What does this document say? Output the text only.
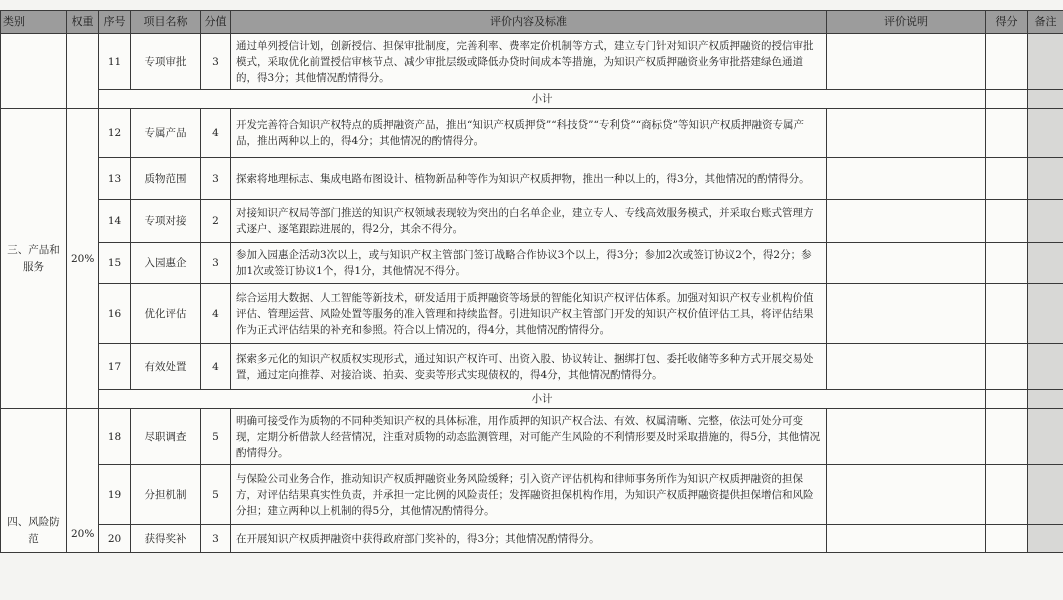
类别	权重	序号	项目名称	分值	评价内容及标准	评价说明	得分	备注
		11	专项审批	3	通过单列授信计划，创新授信、担保审批制度，完善利率、费率定价机制等方式，建立专门针对知识产权质押融资的授信审批模式，采取优化前置授信审核节点、减少审批层级或降低办贷时间成本等措施，为知识产权质押融资业务审批搭建绿色通道的，得3分；其他情况酌情得分。			
		小计						
三、产品和服务	20%	12	专属产品	4	开发完善符合知识产权特点的质押融资产品，推出“知识产权质押贷”“科技贷”“专利贷”“商标贷”等知识产权质押融资专属产品，推出两种以上的，得4分；其他情况的酌情得分。			
		13	质物范围	3	探索将地理标志、集成电路布图设计、植物新品种等作为知识产权质押物，推出一种以上的，得3分，其他情况的酌情得分。			
		14	专项对接	2	对接知识产权局等部门推送的知识产权领域表现较为突出的白名单企业，建立专人、专线高效服务模式，并采取台账式管理方式逐户、逐笔跟踪进展的，得2分，其余不得分。			
		15	入园惠企	3	参加入园惠企活动3次以上，或与知识产权主管部门签订战略合作协议3个以上，得3分；参加2次或签订协议2个，得2分；参加1次或签订协议1个，得1分，其他情况不得分。			
		16	优化评估	4	综合运用大数据、人工智能等新技术，研发适用于质押融资等场景的智能化知识产权评估体系。加强对知识产权专业机构价值评估、管理运营、风险处置等服务的准入管理和持续监督。引进知识产权主管部门开发的知识产权价值评估工具，将评估结果作为正式评估结果的补充和参照。符合以上情况的，得4分，其他情况酌情得分。			
		17	有效处置	4	探索多元化的知识产权质权实现形式，通过知识产权许可、出资入股、协议转让、捆绑打包、委托收储等多种方式开展交易处置，通过定向推荐、对接洽谈、拍卖、变卖等形式实现债权的，得4分，其他情况酌情得分。			
		小计						
四、风险防范	20%	18	尽职调查	5	明确可接受作为质物的不同种类知识产权的具体标准，用作质押的知识产权合法、有效、权属清晰、完整，依法可处分可变现，定期分析借款人经营情况，注重对质物的动态监测管理，对可能产生风险的不利情形要及时采取措施的，得5分，其他情况酌情得分。			
		19	分担机制	5	与保险公司业务合作，推动知识产权质押融资业务风险缓释；引入资产评估机构和律师事务所作为知识产权质押融资的担保方，对评估结果真实性负责，并承担一定比例的风险责任；发挥融资担保机构作用，为知识产权质押融资提供担保增信和风险分担；建立两种以上机制的得5分，其他情况酌情得分。			
		20	获得奖补	3	在开展知识产权质押融资中获得政府部门奖补的，得3分；其他情况酌情得分。			
